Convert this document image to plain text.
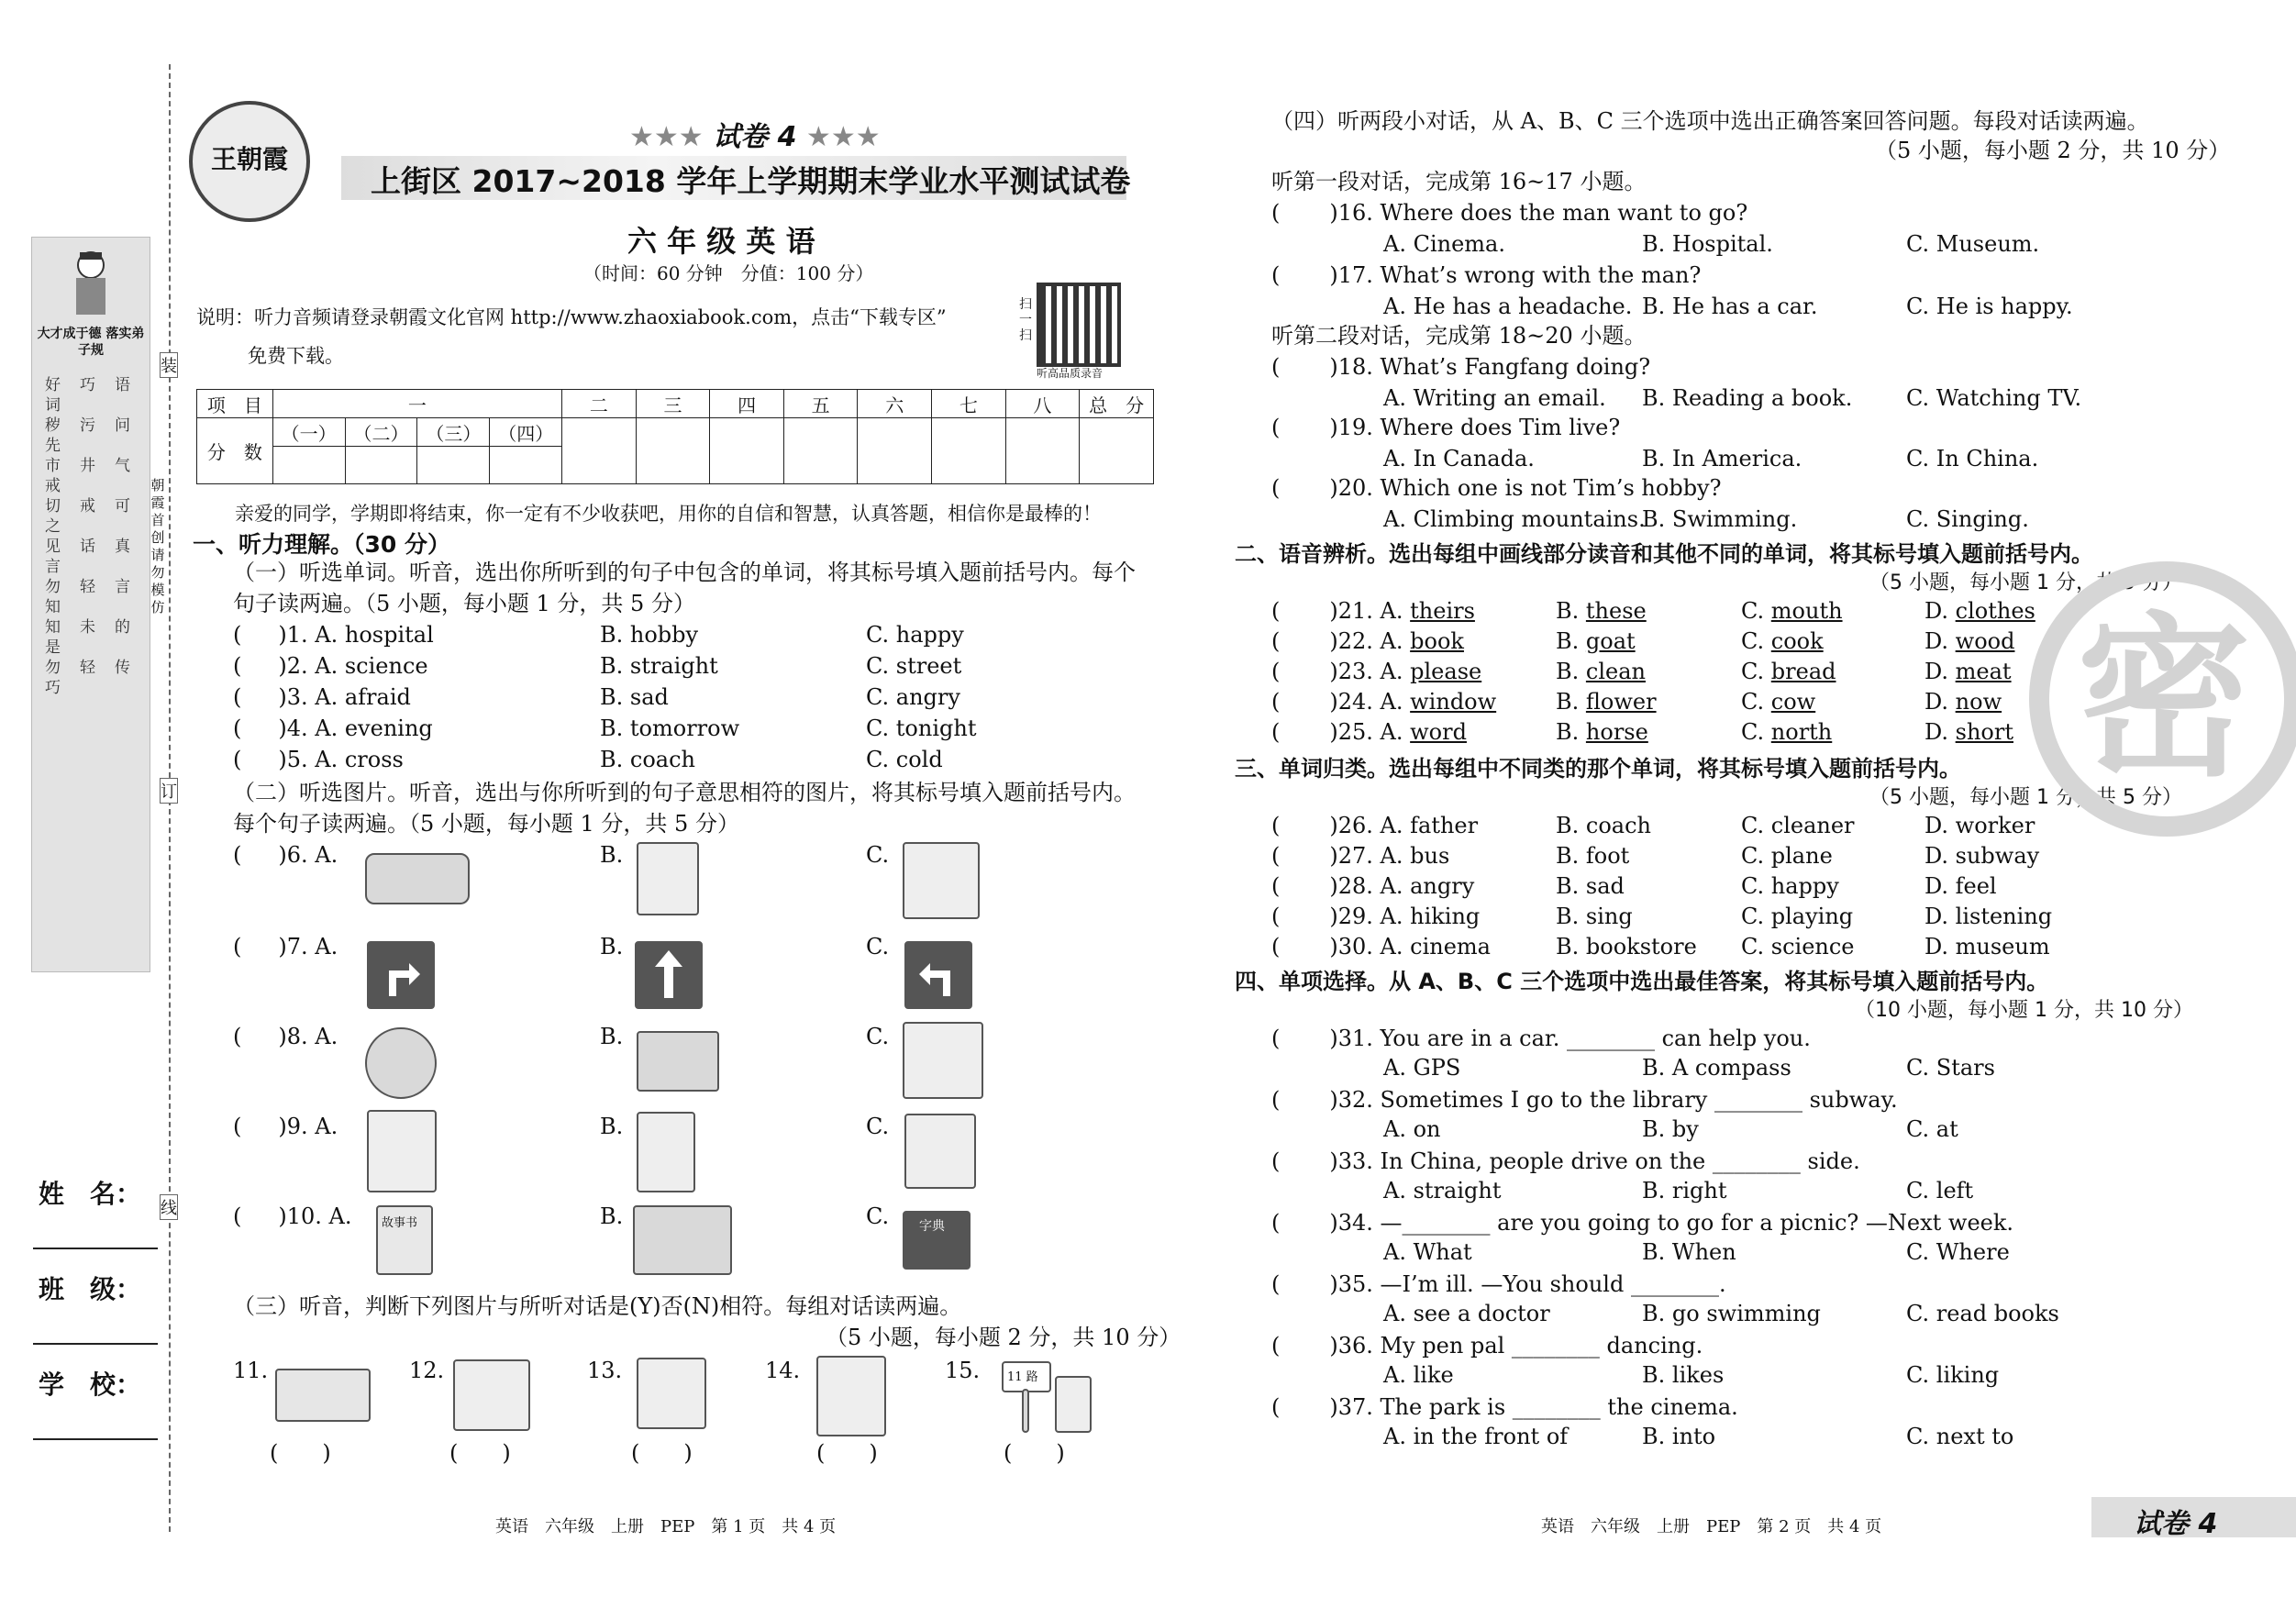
大才成于德 落实弟子规
好　巧　语　词
秽　污　问　先
市　井　气　戒
切　戒　可　之
见　话　真　言
勿　轻　言　知
知　未　的　是
勿　轻　传　巧
姓　名：
班　级：
学　校：
装
订
线
朝霞首创　请勿模仿
王朝霞
★★★ 试卷 4 ★★★
上街区 2017~2018 学年上学期期末学业水平测试试卷
六 年 级 英 语
（时间：60 分钟　分值：100 分）
说明：听力音频请登录朝霞文化官网 http://www.zhaoxiabook.com，点击“下载专区”
免费下载。
扫一扫
听高品质录音
项　目	一				二	三	四	五	六	七	八	总　分
分　数	（一）	（二）	（三）	（四）								

亲爱的同学，学期即将结束，你一定有不少收获吧，用你的自信和智慧，认真答题，相信你是最棒的！
一、听力理解。（30 分）
（一）听选单词。听音，选出你所听到的句子中包含的单词，将其标号填入题前括号内。每个
句子读两遍。（5 小题，每小题 1 分，共 5 分）
( )1. A. hospital	B. hobby	C. happy
( )2. A. science	B. straight	C. street
( )3. A. afraid	B. sad	C. angry
( )4. A. evening	B. tomorrow	C. tonight
( )5. A. cross	B. coach	C. cold
（二）听选图片。听音，选出与你所听到的句子意思相符的图片，将其标号填入题前括号内。
每个句子读两遍。（5 小题，每小题 1 分，共 5 分）
( )6. A.	B.	C.
( )7. A.	B.	C.
( )8. A.	B.	C.
( )9. A.	B.	C.
( )10. A.	B.	C.
故事书	字典
（三）听音，判断下列图片与所听对话是(Y)否(N)相符。每组对话读两遍。
（5 小题，每小题 2 分，共 10 分）
11.
(　　)
12.
(　　)
13.
(　　)
14.
(　　)
15. 11 路
(　　)
英语　六年级　上册　PEP　第 1 页　共 4 页
（四）听两段小对话，从 A、B、C 三个选项中选出正确答案回答问题。每段对话读两遍。
（5 小题，每小题 2 分，共 10 分）
听第一段对话，完成第 16~17 小题。
( )16. Where does the man want to go?
A. Cinema.	B. Hospital.	C. Museum.
( )17. What’s wrong with the man?
A. He has a headache. B. He has a car.	C. He is happy.
听第二段对话，完成第 18~20 小题。
( )18. What’s Fangfang doing?
A. Writing an email. B. Reading a book. C. Watching TV.
( )19. Where does Tim live?
A. In Canada.	B. In America.	C. In China.
( )20. Which one is not Tim’s hobby?
A. Climbing mountains.
B. Swimming.	C. Singing.
二、语音辨析。选出每组中画线部分读音和其他不同的单词，将其标号填入题前括号内。
（5 小题，每小题 1 分，共 5 分）
( )21. A. theirs	B. these	C. mouth	D. clothes
( )22. A. book	B. goat	C. cook	D. wood
( )23. A. please	B. clean	C. bread	D. meat
( )24. A. window	B. flower	C. cow	D. now
( )25. A. word	B. horse	C. north	D. short
三、单词归类。选出每组中不同类的那个单词，将其标号填入题前括号内。
（5 小题，每小题 1 分，共 5 分）
( )26. A. father	B. coach	C. cleaner	D. worker
( )27. A. bus	B. foot	C. plane	D. subway
( )28. A. angry	B. sad	C. happy	D. feel
( )29. A. hiking	B. sing	C. playing	D. listening
( )30. A. cinema	B. bookstore C. science	D. museum
四、单项选择。从 A、B、C 三个选项中选出最佳答案，将其标号填入题前括号内。
（10 小题，每小题 1 分，共 10 分）
( )31. You are in a car. ________ can help you.
A. GPS	B. A compass	C. Stars
( )32. Sometimes I go to the library ________ subway.
A. on	B. by	C. at
( )33. In China, people drive on the ________ side.
A. straight	B. right	C. left
( )34. —________ are you going to go for a picnic? —Next week.
A. What	B. When	C. Where
( )35. —I’m ill. —You should ________.
A. see a doctor	B. go swimming	C. read books
( )36. My pen pal ________ dancing.
A. like	B. likes	C. liking
( )37. The park is ________ the cinema.
A. in the front of	B. into	C. next to
密
英语　六年级　上册　PEP　第 2 页　共 4 页	试卷 4
